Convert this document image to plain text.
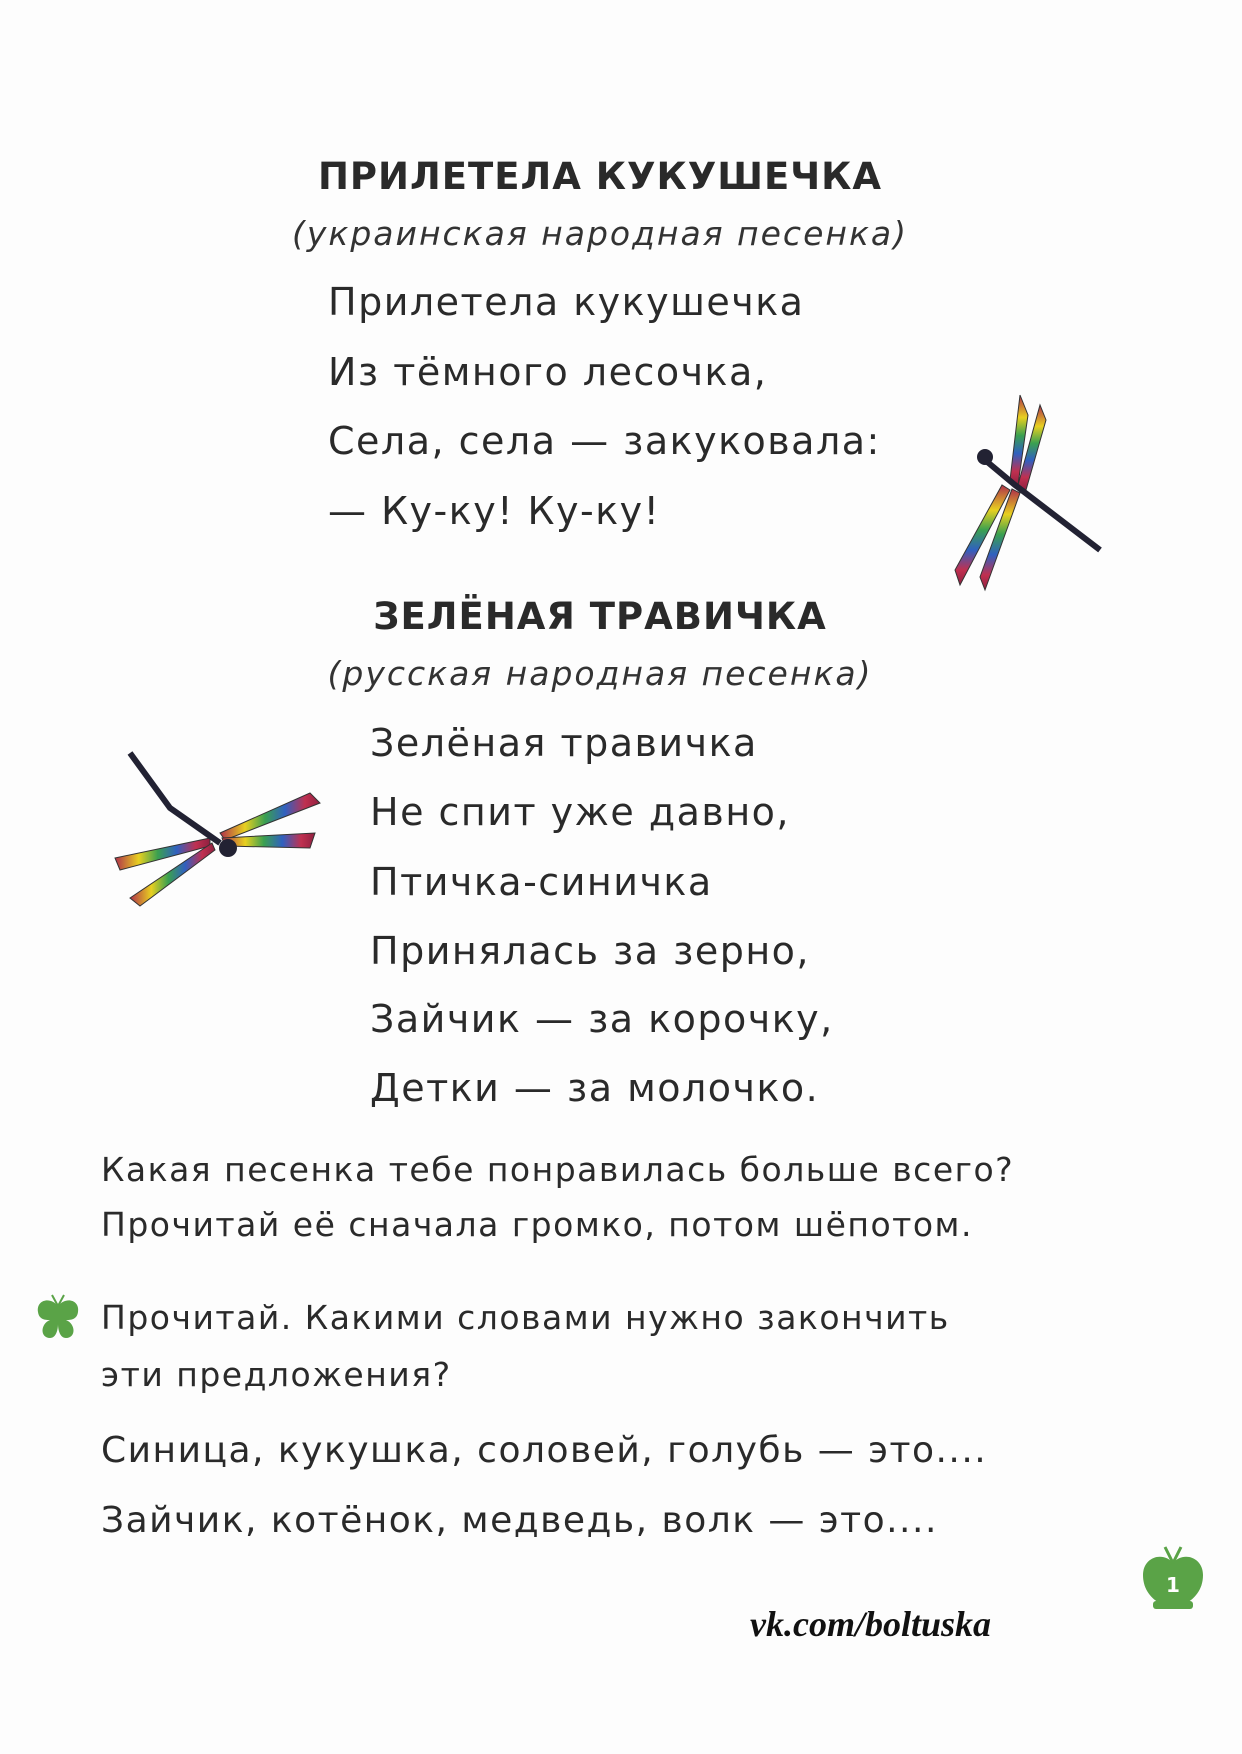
ПРИЛЕТЕЛА КУКУШЕЧКА
(украинская народная песенка)
Прилетела кукушечка
Из тёмного лесочка,
Села, села — закуковала:
— Ку-ку! Ку-ку!
ЗЕЛЁНАЯ ТРАВИЧКА
(русская народная песенка)
Зелёная травичка
Не спит уже давно,
Птичка-синичка
Принялась за зерно,
Зайчик — за корочку,
Детки — за молочко.
Какая песенка тебе понравилась больше всего?
Прочитай её сначала громко, потом шёпотом.
Прочитай. Какими словами нужно закончить
эти предложения?
Синица, кукушка, соловей, голубь — это....
Зайчик, котёнок, медведь, волк — это....
1
vk.com/boltuska
